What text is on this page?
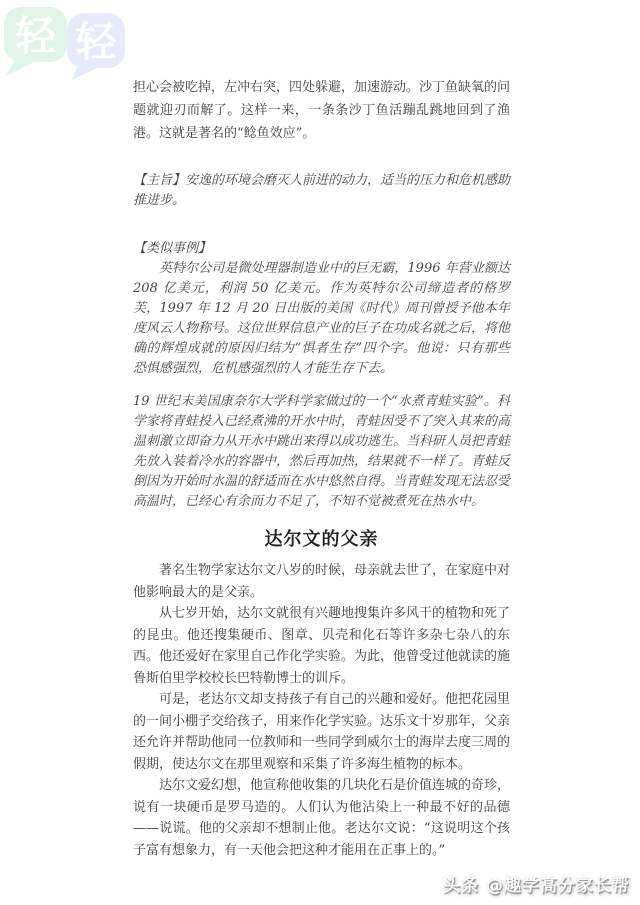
轻 轻

担心会被吃掉，左冲右突，四处躲避，加速游动。沙丁鱼缺氧的问题就迎刃而解了。这样一来，一条条沙丁鱼活蹦乱跳地回到了渔港。这就是著名的“鲶鱼效应”。

【主旨】安逸的环境会磨灭人前进的动力，适当的压力和危机感助推进步。

【类似事例】

英特尔公司是微处理器制造业中的巨无霸，1996 年营业额达 208 亿美元，利润 50 亿美元。作为英特尔公司缔造者的格罗芙，1997 年 12 月 20 日出版的美国《时代》周刊曾授予他本年度风云人物称号。这位世界信息产业的巨子在功成名就之后，将他确的辉煌成就的原因归结为“惧者生存”四个字。他说：只有那些恐惧感强烈，危机感强烈的人才能生存下去。

19 世纪末美国康奈尔大学科学家做过的一个“水煮青蛙实验”。科学家将青蛙投入已经煮沸的开水中时，青蛙因受不了突入其来的高温刺激立即奋力从开水中跳出来得以成功逃生。当科研人员把青蛙先放入装着冷水的容器中，然后再加热，结果就不一样了。青蛙反倒因为开始时水温的舒适而在水中悠然自得。当青蛙发现无法忍受高温时，已经心有余而力不足了，不知不觉被煮死在热水中。

达尔文的父亲

著名生物学家达尔文八岁的时候，母亲就去世了，在家庭中对他影响最大的是父亲。

从七岁开始，达尔文就很有兴趣地搜集许多风干的植物和死了的昆虫。他还搜集硬币、图章、贝壳和化石等许多杂七杂八的东西。他还爱好在家里自己作化学实验。为此，他曾受过他就读的施鲁斯伯里学校校长巴特勒博士的训斥。

可是，老达尔文却支持孩子有自己的兴趣和爱好。他把花园里的一间小棚子交给孩子，用来作化学实验。达乐文十岁那年，父亲还允许并帮助他同一位教师和一些同学到威尔士的海岸去度三周的假期，使达尔文在那里观察和采集了许多海生植物的标本。

达尔文爱幻想，他宣称他收集的几块化石是价值连城的奇珍，说有一块硬币是罗马造的。人们认为他沾染上一种最不好的品德——说谎。他的父亲却不想制止他。老达尔文说：“这说明这个孩子富有想象力，有一天他会把这种才能用在正事上的。”

头条 @趣学高分家长帮
